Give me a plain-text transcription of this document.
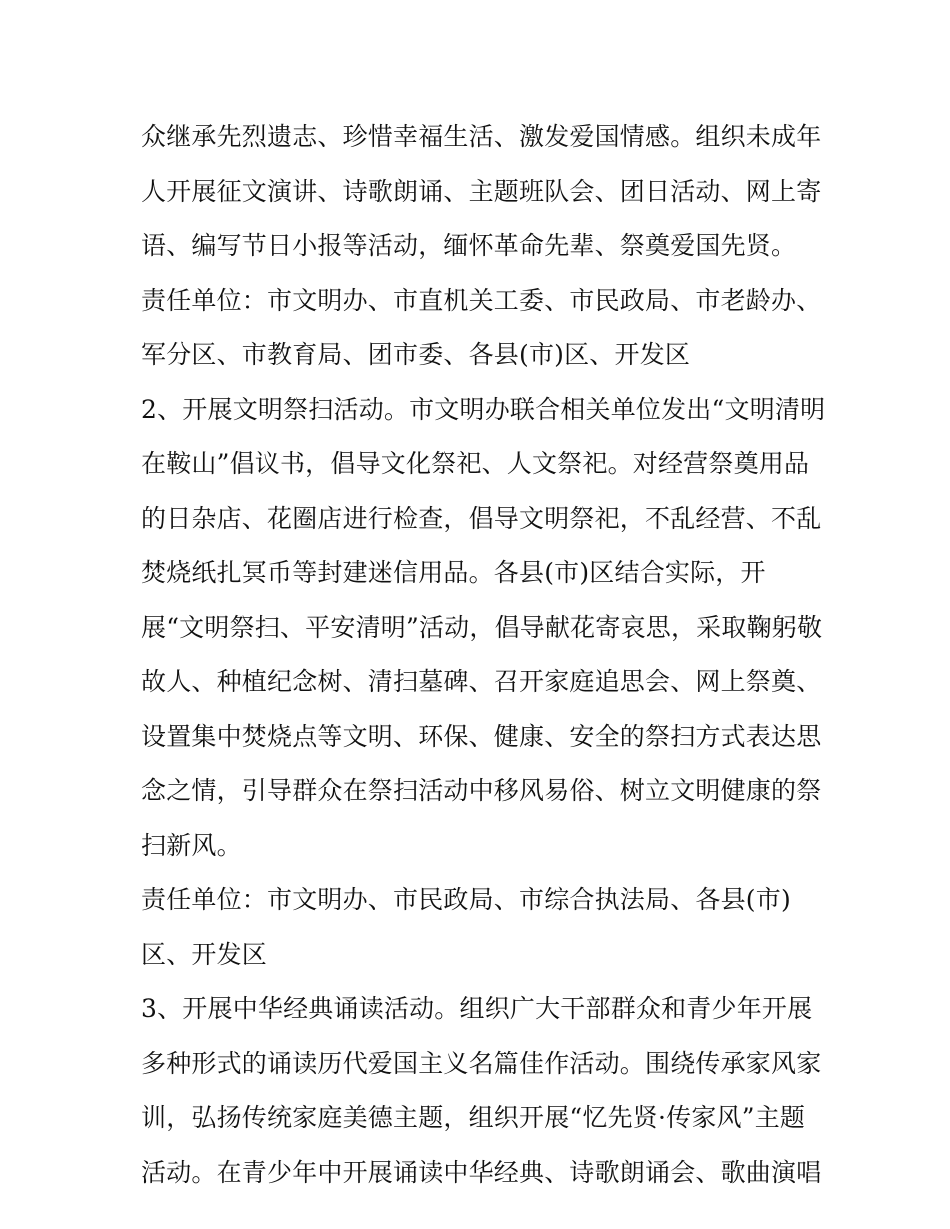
众继承先烈遗志、珍惜幸福生活、激发爱国情感。组织未成年
人开展征文演讲、诗歌朗诵、主题班队会、团日活动、网上寄
语、编写节日小报等活动，缅怀革命先辈、祭奠爱国先贤。
责任单位：市文明办、市直机关工委、市民政局、市老龄办、
军分区、市教育局、团市委、各县(市)区、开发区
2、开展文明祭扫活动。市文明办联合相关单位发出“文明清明
在鞍山”倡议书，倡导文化祭祀、人文祭祀。对经营祭奠用品
的日杂店、花圈店进行检查，倡导文明祭祀，不乱经营、不乱
焚烧纸扎冥币等封建迷信用品。各县(市)区结合实际，开
展“文明祭扫、平安清明”活动，倡导献花寄哀思，采取鞠躬敬
故人、种植纪念树、清扫墓碑、召开家庭追思会、网上祭奠、
设置集中焚烧点等文明、环保、健康、安全的祭扫方式表达思
念之情，引导群众在祭扫活动中移风易俗、树立文明健康的祭
扫新风。
责任单位：市文明办、市民政局、市综合执法局、各县(市)
区、开发区
3、开展中华经典诵读活动。组织广大干部群众和青少年开展
多种形式的诵读历代爱国主义名篇佳作活动。围绕传承家风家
训，弘扬传统家庭美德主题，组织开展“忆先贤·传家风”主题
活动。在青少年中开展诵读中华经典、诗歌朗诵会、歌曲演唱
